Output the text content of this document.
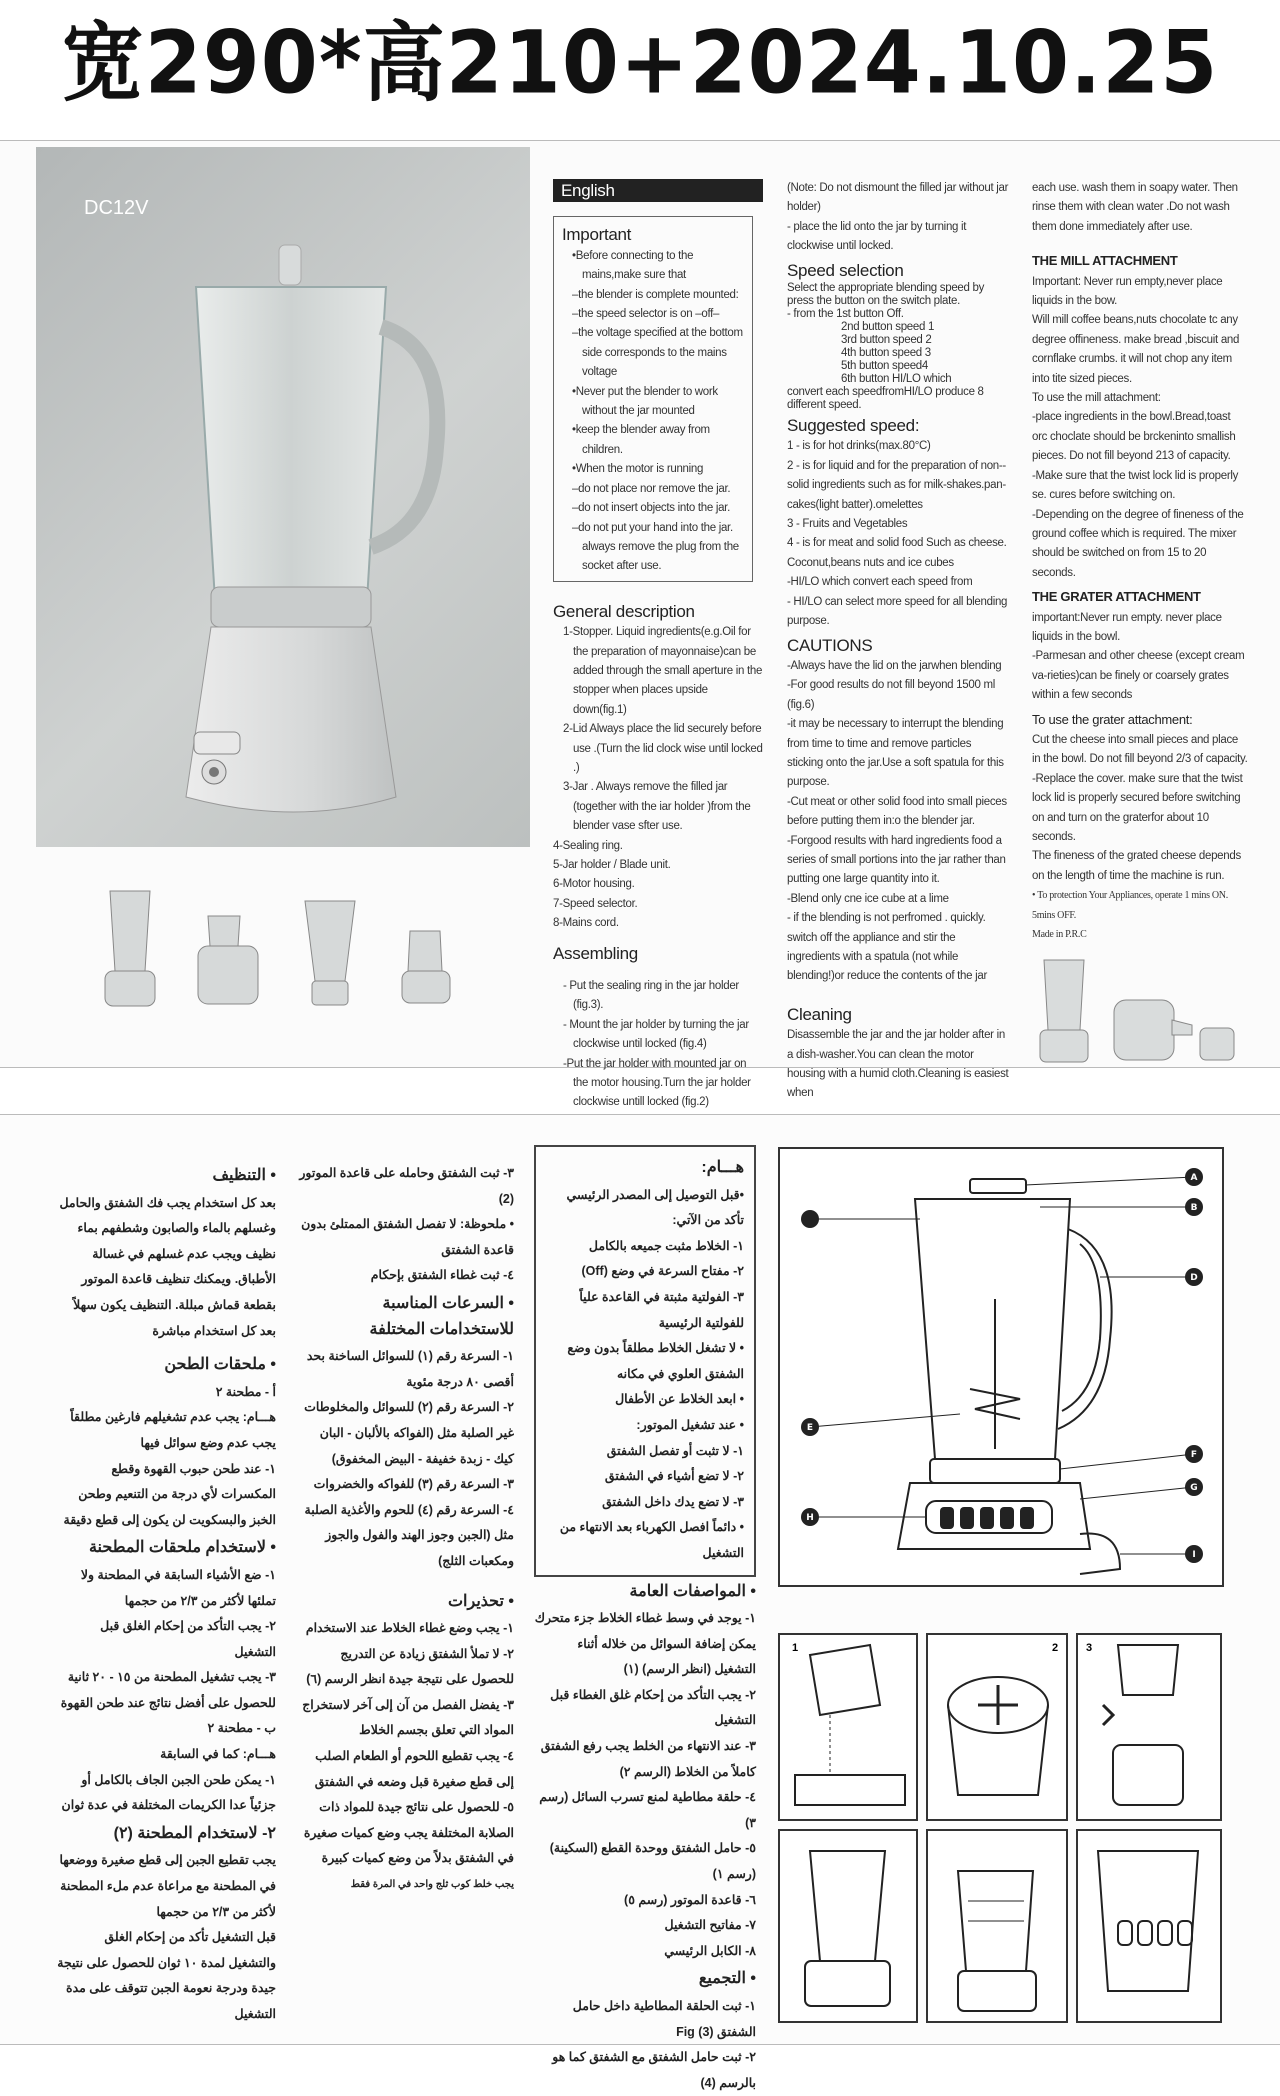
宽290*高210+2024.10.25
DC12V
English
Important

•Before connecting to the mains,make sure that

–the blender is complete mounted:

–the speed selector is on –off–

–the voltage specified at the bottom side corresponds to the mains voltage

•Never put the blender to work without the jar mounted

•keep the blender away from children.

•When the motor is running

–do not place nor remove the jar.

–do not insert objects into the jar.

–do not put your hand into the jar. always remove the plug from the socket after use.

General description

1-Stopper. Liquid ingredients(e.g.Oil for the preparation of mayonnaise)can be added through the small aperture in the stopper when places upside down(fig.1)

2-Lid Always place the lid securely before use .(Turn the lid clock wise until locked .)

3-Jar . Always remove the filled jar (together with the iar holder )from the blender vase sfter use.

4-Sealing ring.

5-Jar holder / Blade unit.

6-Motor housing.

7-Speed selector.

8-Mains cord.

Assembling

- Put the sealing ring in the jar holder (fig.3).

- Mount the jar holder by turning the jar clockwise until locked (fig.4)

-Put the jar holder with mounted jar on the motor housing.Turn the jar holder clockwise untill locked (fig.2)

(Note: Do not dismount the filled jar without jar holder)

- place the lid onto the jar by turning it clockwise until locked.

Speed selection

Select the appropriate blending speed by press the button on the switch plate.

- from the 1st button Off.

2nd button speed 1

3rd button speed 2

4th button speed 3

5th button speed4

6th button HI/LO which

convert each speedfromHI/LO produce 8 different speed.

Suggested speed:

1 - is for hot drinks(max.80°C)

2 - is for liquid and for the preparation of non--solid ingredients such as for milk-shakes.pan-cakes(light batter).omelettes

3 - Fruits and Vegetables

4 - is for meat and solid food Such as cheese. Coconut,beans nuts and ice cubes

-HI/LO which convert each speed from

- HI/LO can select more speed for all blending purpose.

CAUTIONS

-Always have the lid on the jarwhen blending

-For good results do not fill beyond 1500 ml (fig.6)

-it may be necessary to interrupt the blending from time to time and remove particles sticking onto the jar.Use a soft spatula for this purpose.

-Cut meat or other solid food into small pieces before putting them in:o the blender jar.

-Forgood results with hard ingredients food a series of small portions into the jar rather than putting one large quantity into it.

-Blend only cne ice cube at a lime

- if the blending is not perfromed . quickly. switch off the appliance and stir the ingredients with a spatula (not while blending!)or reduce the contents of the jar

Cleaning

Disassemble the jar and the jar holder after in a dish-washer.You can clean the motor housing with a humid cloth.Cleaning is easiest when

each use. wash them in soapy water. Then rinse them with clean water .Do not wash them done immediately after use.

THE MILL ATTACHMENT

Important: Never run empty,never place liquids in the bow.

Will mill coffee beans,nuts chocolate tc any degree offineness. make bread ,biscuit and cornflake crumbs. it will not chop any item into tite sized pieces.

To use the mill attachment:

-place ingredients in the bowl.Bread,toast orc choclate should be brckeninto smallish pieces. Do not fill beyond 213 of capacity.

-Make sure that the twist lock lid is properly se. cures before switching on.

-Depending on the degree of fineness of the ground coffee which is required. The mixer should be switched on from 15 to 20 seconds.

THE GRATER ATTACHMENT

important:Never run empty. never place liquids in the bowl.

-Parmesan and other cheese (except cream va-rieties)can be finely or coarsely grates within a few seconds

To use the grater attachment:

Cut the cheese into small pieces and place in the bowl. Do not fill beyond 2/3 of capacity.

-Replace the cover. make sure that the twist lock lid is properly secured before switching on and turn on the graterfor about 10 seconds.

The fineness of the grated cheese depends on the length of time the machine is run.

• To protection Your Appliances, operate 1 mins ON. 5mins OFF.

Made in P.R.C

هـــام:

•قبل التوصيل إلى المصدر الرئيسي تأكد من الآتي:

١- الخلاط مثبت جميعه بالكامل

٢- مفتاح السرعة في وضع (Off)

٣- الفولتية مثبتة في القاعدة علياً للفولتية الرئيسية

• لا تشغل الخلاط مطلقاً بدون وضع الشفتق العلوي في مكانه

• ابعد الخلاط عن الأطفال

• عند تشغيل الموتور:

١- لا تثبت أو تفصل الشفتق

٢- لا تضع أشياء في الشفتق

٣- لا تضع يدك داخل الشفتق

• دائماً افصل الكهرباء بعد الانتهاء من التشغيل

• المواصفات العامة

١- يوجد في وسط غطاء الخلاط جزء متحرك يمكن إضافة السوائل من خلاله أثناء التشغيل (انظر الرسم) (١)

٢- يجب التأكد من إحكام غلق الغطاء قبل التشغيل

٣- عند الانتهاء من الخلط يجب رفع الشفتق كاملاً من الخلاط (الرسم ٢)

٤- حلقة مطاطية لمنع تسرب السائل (رسم ٣)

٥- حامل الشفتق ووحدة القطع (السكينة) (رسم ١)

٦- قاعدة الموتور (رسم ٥)

٧- مفاتيح التشغيل

٨- الكابل الرئيسي

• التجميع

١- ثبت الحلقة المطاطية داخل حامل الشفتق Fig (3)

٢- ثبت حامل الشفتق مع الشفتق كما هو بالرسم (4)

٣- ثبت الشفتق وحامله على قاعدة الموتور (2)

• ملحوظة: لا تفصل الشفتق الممتلئ بدون قاعدة الشفتق

٤- ثبت غطاء الشفتق بإحكام

• السرعات المناسبة للاستخدامات المختلفة

١- السرعة رقم (١) للسوائل الساخنة بحد أقصى ٨٠ درجة مئوية

٢- السرعة رقم (٢) للسوائل والمخلوطات غير الصلبة مثل (الفواكه بالألبان - البان كيك - زبدة خفيفة - البيض المخفوق)

٣- السرعة رقم (٣) للفواكه والخضروات

٤- السرعة رقم (٤) للحوم والأغذية الصلبة مثل (الجبن وجوز الهند والفول والجوز ومكعبات الثلج)

• تحذيرات

١- يجب وضع غطاء الخلاط عند الاستخدام

٢- لا تملأ الشفتق زيادة عن التدريج للحصول على نتيجة جيدة انظر الرسم (٦)

٣- يفضل الفصل من آن إلى آخر لاستخراج المواد التي تعلق بجسم الخلاط

٤- يجب تقطيع اللحوم أو الطعام الصلب إلى قطع صغيرة قبل وضعه في الشفتق

٥- للحصول على نتائج جيدة للمواد ذات الصلابة المختلفة يجب وضع كميات صغيرة في الشفتق بدلاً من وضع كميات كبيرة

يجب خلط كوب ثلج واحد في المرة فقط

• التنظيف

بعد كل استخدام يجب فك الشفتق والحامل وغسلهم بالماء والصابون وشطفهم بماء نظيف ويجب عدم غسلهم في غسالة الأطباق. ويمكنك تنظيف قاعدة الموتور بقطعة قماش مبللة. التنظيف يكون سهلاً بعد كل استخدام مباشرة

• ملحقات الطحن

أ - مطحنة ٢

هـــام: يجب عدم تشغيلهم فارغين مطلقاً يجب عدم وضع سوائل فيها

١- عند طحن حبوب القهوة وقطع المكسرات لأي درجة من التنعيم وطحن الخبز والبسكويت لن يكون إلى قطع دقيقة

• لاستخدام ملحقات المطحنة

١- ضع الأشياء السابقة في المطحنة ولا تملئها لأكثر من ٢/٣ من حجمها

٢- يجب التأكد من إحكام الغلق قبل التشغيل

٣- يجب تشغيل المطحنة من ١٥ - ٢٠ ثانية للحصول على أفضل نتائج عند طحن القهوة

ب - مطحنة ٢

هـــام: كما في السابقة

١- يمكن طحن الجبن الجاف بالكامل أو جزئياً عدا الكريمات المختلفة في عدة ثوان

٢- لاستخدام المطحنة (٢)

يجب تقطيع الجبن إلى قطع صغيرة ووضعها في المطحنة مع مراعاة عدم ملء المطحنة لأكثر من ٢/٣ من حجمها

قبل التشغيل تأكد من إحكام الغلق والتشغيل لمدة ١٠ ثوان للحصول على نتيجة جيدة ودرجة نعومة الجبن تتوقف على مدة التشغيل

A
B
D
E
F
G
H
I
1	2	3
